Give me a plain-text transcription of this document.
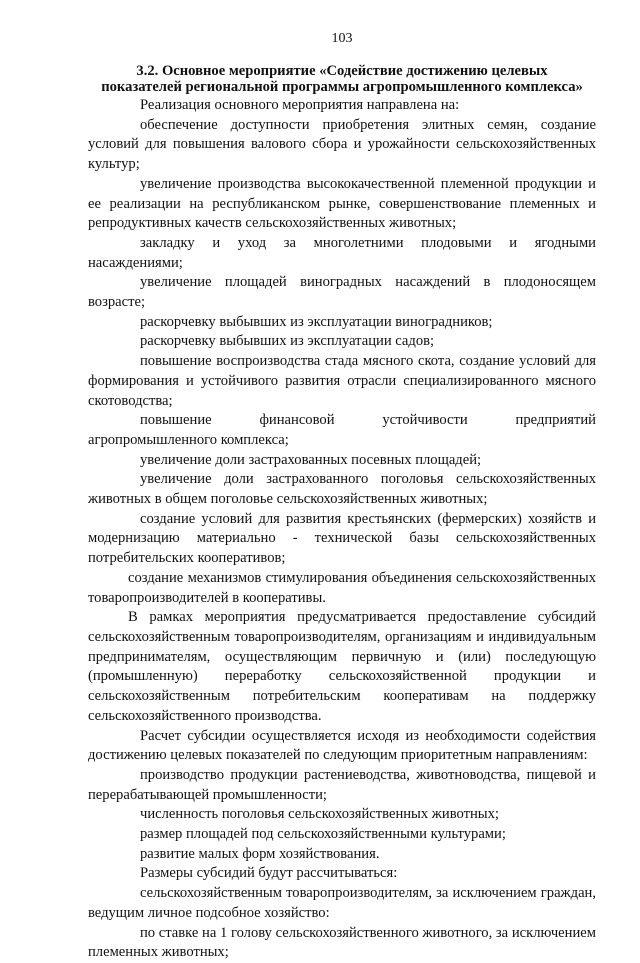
103
3.2. Основное мероприятие «Содействие достижению целевых
показателей региональной программы агропромышленного комплекса»

Реализация основного мероприятия направлена на:

обеспечение доступности приобретения элитных семян, создание условий для повышения валового сбора и урожайности сельскохозяйственных культур;

увеличение производства высококачественной племенной продукции и ее реализации на республиканском рынке, совершенствование племенных и репродуктивных качеств сельскохозяйственных животных;

закладку и уход за многолетними плодовыми и ягодными насаждениями;

увеличение площадей виноградных насаждений в плодоносящем возрасте;

раскорчевку выбывших из эксплуатации виноградников;

раскорчевку выбывших из эксплуатации садов;

повышение воспроизводства стада мясного скота, создание условий для формирования и устойчивого развития отрасли специализированного мясного скотоводства;

повышение финансовой устойчивости предприятий агропромышленного комплекса;

увеличение доли застрахованных посевных площадей;

увеличение доли застрахованного поголовья сельскохозяйственных животных в общем поголовье сельскохозяйственных животных;

создание условий для развития крестьянских (фермерских) хозяйств и модернизацию материально - технической базы сельскохозяйственных потребительских кооперативов;

создание механизмов стимулирования объединения сельскохозяйственных товаропроизводителей в кооперативы.

В рамках мероприятия предусматривается предоставление субсидий сельскохозяйственным товаропроизводителям, организациям и индивидуальным предпринимателям, осуществляющим первичную и (или) последующую (промышленную) переработку сельскохозяйственной продукции и сельскохозяйственным потребительским кооперативам на поддержку сельскохозяйственного производства.

Расчет субсидии осуществляется исходя из необходимости содействия достижению целевых показателей по следующим приоритетным направлениям:

производство продукции растениеводства, животноводства, пищевой и перерабатывающей промышленности;

численность поголовья сельскохозяйственных животных;

размер площадей под сельскохозяйственными культурами;

развитие малых форм хозяйствования.

Размеры субсидий будут рассчитываться:

сельскохозяйственным товаропроизводителям, за исключением граждан, ведущим личное подсобное хозяйство:

по ставке на 1 голову сельскохозяйственного животного, за исключением племенных животных;
